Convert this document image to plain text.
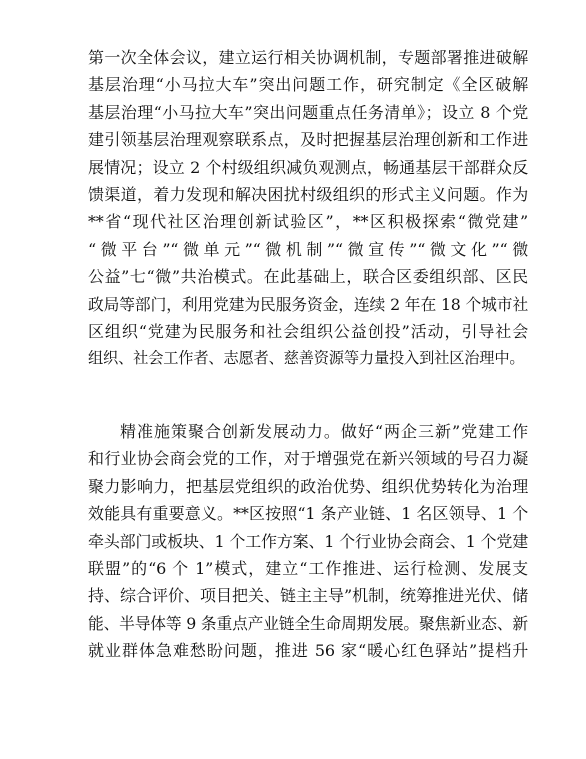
第一次全体会议，建立运行相关协调机制，专题部署推进破解
基层治理“小马拉大车”突出问题工作，研究制定《全区破解
基层治理“小马拉大车”突出问题重点任务清单》；设立 8 个党
建引领基层治理观察联系点，及时把握基层治理创新和工作进
展情况；设立 2 个村级组织减负观测点，畅通基层干部群众反
馈渠道，着力发现和解决困扰村级组织的形式主义问题。作为
**省“现代社区治理创新试验区”，**区积极探索“微党建”
“微平台”“微单元”“微机制”“微宣传”“微文化”“微
公益”七“微”共治模式。在此基础上，联合区委组织部、区民
政局等部门，利用党建为民服务资金，连续 2 年在 18 个城市社
区组织“党建为民服务和社会组织公益创投”活动，引导社会
组织、社会工作者、志愿者、慈善资源等力量投入到社区治理中。
精准施策聚合创新发展动力。做好“两企三新”党建工作
和行业协会商会党的工作，对于增强党在新兴领域的号召力凝
聚力影响力，把基层党组织的政治优势、组织优势转化为治理
效能具有重要意义。**区按照“1 条产业链、1 名区领导、1 个
牵头部门或板块、1 个工作方案、1 个行业协会商会、1 个党建
联盟”的“6 个 1”模式，建立“工作推进、运行检测、发展支
持、综合评价、项目把关、链主主导”机制，统筹推进光伏、储
能、半导体等 9 条重点产业链全生命周期发展。聚焦新业态、新
就业群体急难愁盼问题，推进 56 家“暖心红色驿站”提档升
